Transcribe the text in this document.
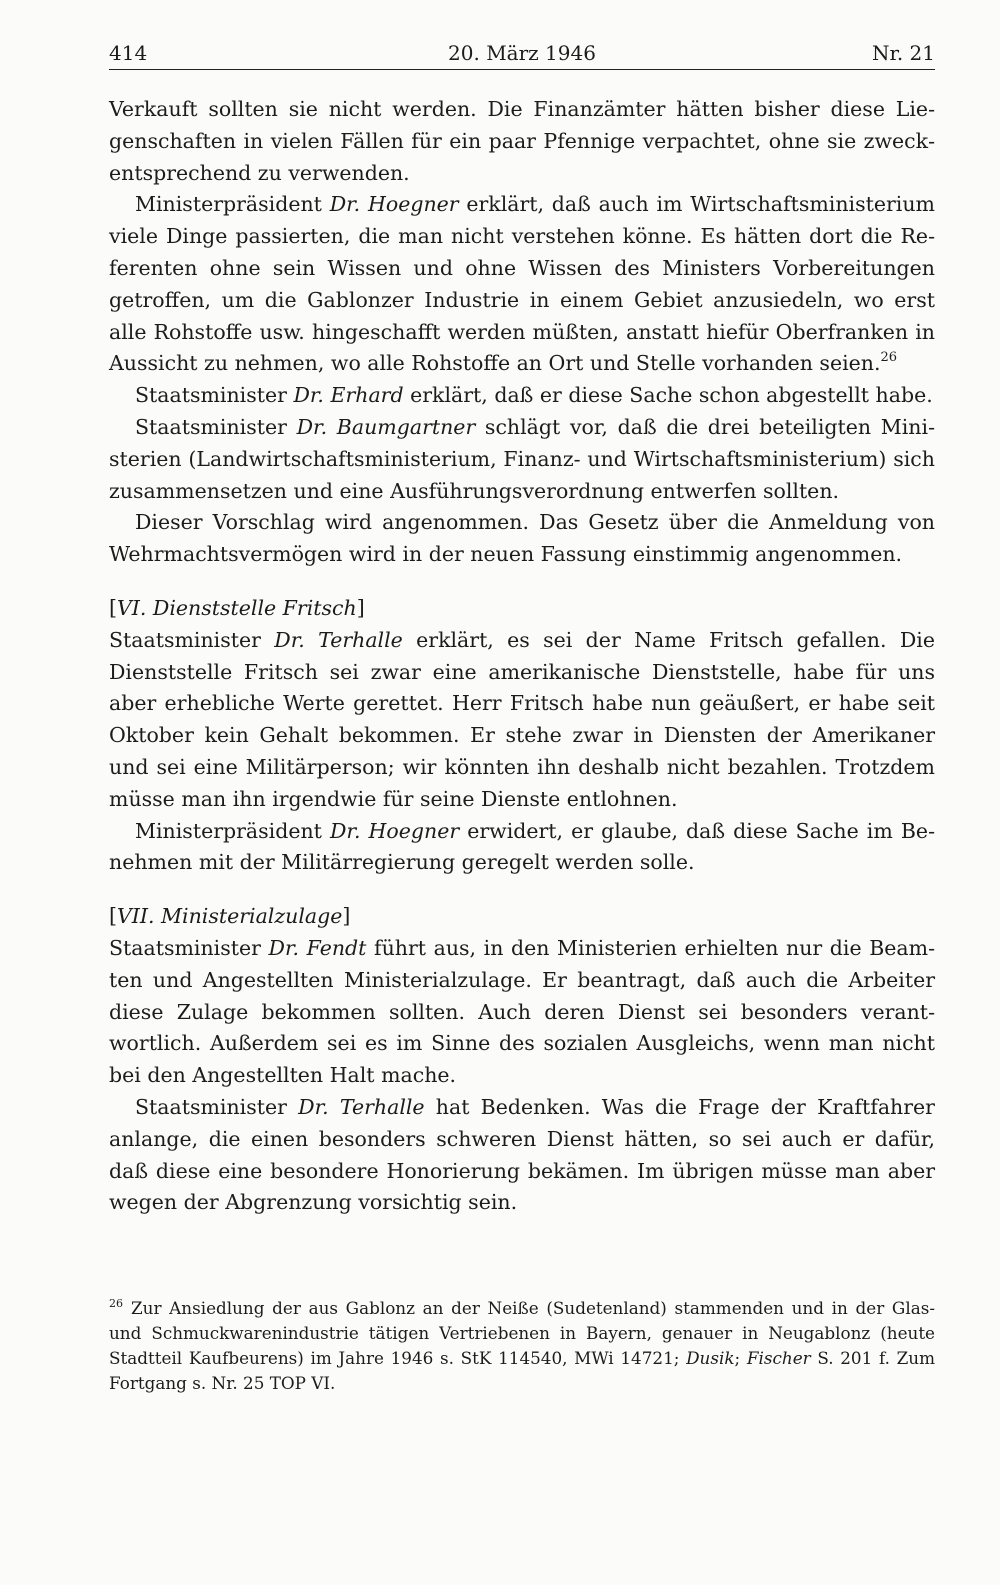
414	20. März 1946	Nr. 21

Verkauft sollten sie nicht werden. Die Finanzämter hätten bisher diese Liegenschaften in vielen Fällen für ein paar Pfennige verpachtet, ohne sie zweckentsprechend zu verwenden.

Ministerpräsident Dr. Hoegner erklärt, daß auch im Wirtschaftsministerium viele Dinge passierten, die man nicht verstehen könne. Es hätten dort die Referenten ohne sein Wissen und ohne Wissen des Ministers Vorbereitungen getroffen, um die Gablonzer Industrie in einem Gebiet anzusiedeln, wo erst alle Rohstoffe usw. hingeschafft werden müßten, anstatt hiefür Oberfranken in Aussicht zu nehmen, wo alle Rohstoffe an Ort und Stelle vorhanden seien.$^{26}$

Staatsminister Dr. Erhard erklärt, daß er diese Sache schon abgestellt habe.

Staatsminister Dr. Baumgartner schlägt vor, daß die drei beteiligten Ministerien (Landwirtschaftsministerium, Finanz- und Wirtschaftsministerium) sich zusammensetzen und eine Ausführungsverordnung entwerfen sollten.

Dieser Vorschlag wird angenommen. Das Gesetz über die Anmeldung von Wehrmachtsvermögen wird in der neuen Fassung einstimmig angenommen.

[VI. Dienststelle Fritsch]

Staatsminister Dr. Terhalle erklärt, es sei der Name Fritsch gefallen. Die Dienststelle Fritsch sei zwar eine amerikanische Dienststelle, habe für uns aber erhebliche Werte gerettet. Herr Fritsch habe nun geäußert, er habe seit Oktober kein Gehalt bekommen. Er stehe zwar in Diensten der Amerikaner und sei eine Militärperson; wir könnten ihn deshalb nicht bezahlen. Trotzdem müsse man ihn irgendwie für seine Dienste entlohnen.

Ministerpräsident Dr. Hoegner erwidert, er glaube, daß diese Sache im Benehmen mit der Militärregierung geregelt werden solle.

[VII. Ministerialzulage]

Staatsminister Dr. Fendt führt aus, in den Ministerien erhielten nur die Beamten und Angestellten Ministerialzulage. Er beantragt, daß auch die Arbeiter diese Zulage bekommen sollten. Auch deren Dienst sei besonders verantwortlich. Außerdem sei es im Sinne des sozialen Ausgleichs, wenn man nicht bei den Angestellten Halt mache.

Staatsminister Dr. Terhalle hat Bedenken. Was die Frage der Kraftfahrer anlange, die einen besonders schweren Dienst hätten, so sei auch er dafür, daß diese eine besondere Honorierung bekämen. Im übrigen müsse man aber wegen der Abgrenzung vorsichtig sein.

$^{26}$ Zur Ansiedlung der aus Gablonz an der Neiße (Sudetenland) stammenden und in der Glas- und Schmuckwarenindustrie tätigen Vertriebenen in Bayern, genauer in Neugablonz (heute Stadtteil Kaufbeurens) im Jahre 1946 s. StK 114540, MWi 14721; Dusik; Fischer S. 201 f. Zum Fortgang s. Nr. 25 TOP VI.
